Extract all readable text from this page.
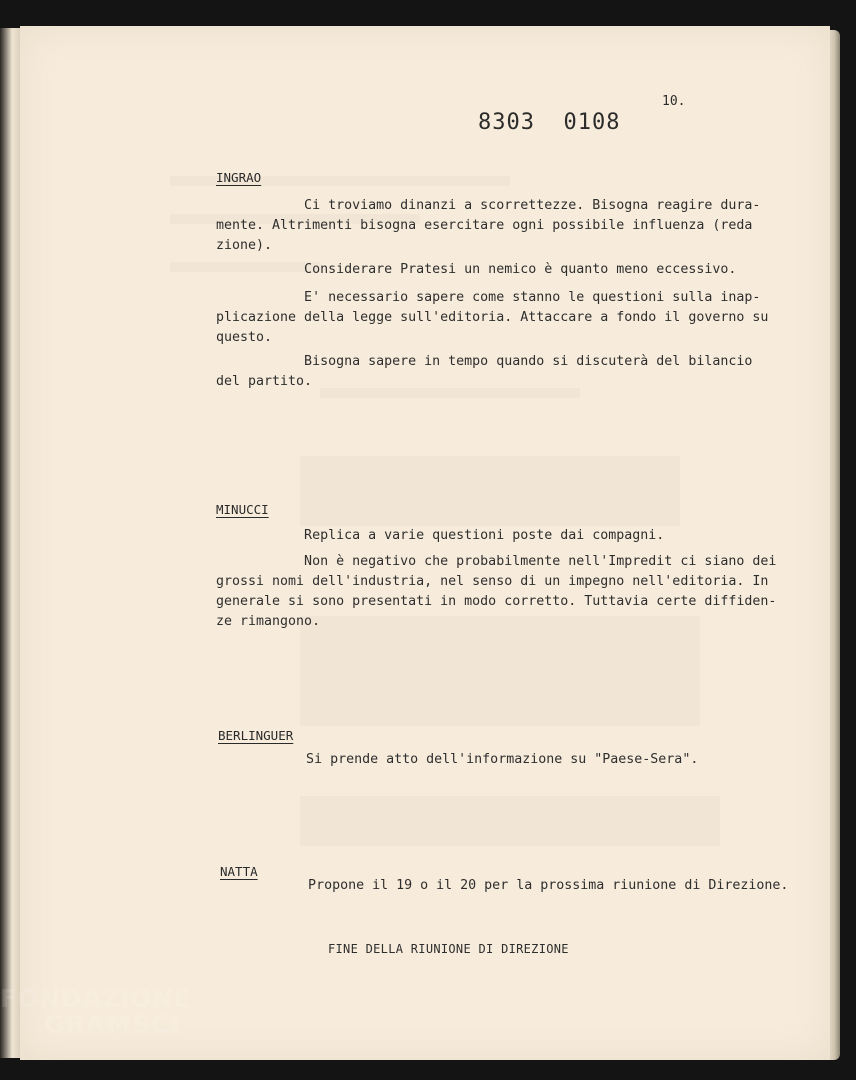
10.
8303  0108
INGRAO

Ci troviamo dinanzi a scorrettezze. Bisogna reagire dura-
mente. Altrimenti bisogna esercitare ogni possibile influenza (reda
zione).

Considerare Pratesi un nemico è quanto meno eccessivo.

E' necessario sapere come stanno le questioni sulla inap-
plicazione della legge sull'editoria. Attaccare a fondo il governo su
questo.

Bisogna sapere in tempo quando si discuterà del bilancio
del partito.

MINUCCI

Replica a varie questioni poste dai compagni.

Non è negativo che probabilmente nell'Impredit ci siano dei
grossi nomi dell'industria, nel senso di un impegno nell'editoria. In
generale si sono presentati in modo corretto. Tuttavia certe diffiden-
ze rimangono.

BERLINGUER

Si prende atto dell'informazione su "Paese-Sera".

NATTA

Propone il 19 o il 20 per la prossima riunione di Direzione.

FINE DELLA RIUNIONE DI DIREZIONE
FONDAZIONE
GRAMSCI
